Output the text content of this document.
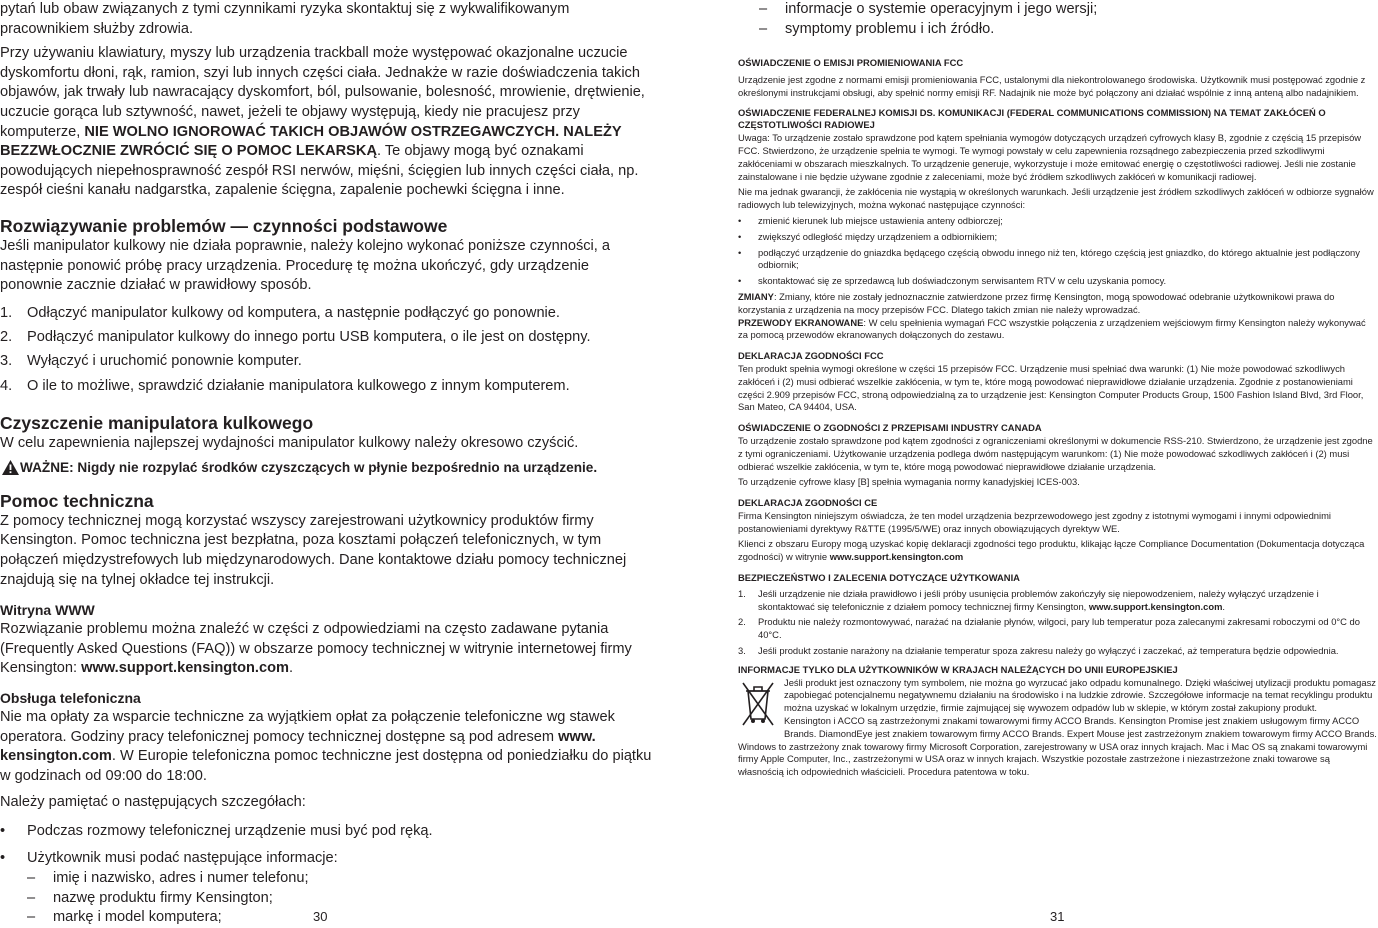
pytań lub obaw związanych z tymi czynnikami ryzyka skontaktuj się z wykwalifikowanym pracownikiem służby zdrowia.

Przy używaniu klawiatury, myszy lub urządzenia trackball może występować okazjonalne uczucie dyskomfortu dłoni, rąk, ramion, szyi lub innych części ciała. Jednakże w razie doświadczenia takich objawów, jak trwały lub nawracający dyskomfort, ból, pulsowanie, bolesność, mrowienie, drętwienie, uczucie gorąca lub sztywność, nawet, jeżeli te objawy występują, kiedy nie pracujesz przy komputerze, NIE WOLNO IGNOROWAĆ TAKICH OBJAWÓW OSTRZEGAWCZYCH. NALEŻY BEZZWŁOCZNIE ZWRÓCIĆ SIĘ O POMOC LEKARSKĄ. Te objawy mogą być oznakami powodujących niepełnosprawność zespół RSI nerwów, mięśni, ścięgien lub innych części ciała, np. zespół cieśni kanału nadgarstka, zapalenie ścięgna, zapalenie pochewki ścięgna i inne.

Rozwiązywanie problemów — czynności podstawowe

Jeśli manipulator kulkowy nie działa poprawnie, należy kolejno wykonać poniższe czynności, a następnie ponowić próbę pracy urządzenia. Procedurę tę można ukończyć, gdy urządzenie ponownie zacznie działać w prawidłowy sposób.

1. Odłączyć manipulator kulkowy od komputera, a następnie podłączyć go ponownie.
2. Podłączyć manipulator kulkowy do innego portu USB komputera, o ile jest on dostępny.
3. Wyłączyć i uruchomić ponownie komputer.
4. O ile to możliwe, sprawdzić działanie manipulatora kulkowego z innym komputerem.
Czyszczenie manipulatora kulkowego

W celu zapewnienia najlepszej wydajności manipulator kulkowy należy okresowo czyścić.

WAŻNE: Nigdy nie rozpylać środków czyszczących w płynie bezpośrednio na urządzenie.

Pomoc techniczna

Z pomocy technicznej mogą korzystać wszyscy zarejestrowani użytkownicy produktów firmy Kensington. Pomoc techniczna jest bezpłatna, poza kosztami połączeń telefonicznych, w tym połączeń międzystrefowych lub międzynarodowych. Dane kontaktowe działu pomocy technicznej znajdują się na tylnej okładce tej instrukcji.

Witryna WWW

Rozwiązanie problemu można znaleźć w części z odpowiedziami na często zadawane pytania (Frequently Asked Questions (FAQ)) w obszarze pomocy technicznej w witrynie internetowej firmy Kensington: www.support.kensington.com.

Obsługa telefoniczna

Nie ma opłaty za wsparcie techniczne za wyjątkiem opłat za połączenie telefoniczne wg stawek operatora. Godziny pracy telefonicznej pomocy technicznej dostępne są pod adresem www. kensington.com. W Europie telefoniczna pomoc techniczne jest dostępna od poniedziałku do piątku w godzinach od 09:00 do 18:00.

Należy pamiętać o następujących szczegółach:

• Podczas rozmowy telefonicznej urządzenie musi być pod ręką.
• Użytkownik musi podać następujące informacje:
– imię i nazwisko, adres i numer telefonu;
– nazwę produktu firmy Kensington;
– markę i model komputera;	30
– informacje o systemie operacyjnym i jego wersji;
– symptomy problemu i ich źródło.

OŚWIADCZENIE O EMISJI PROMIENIOWANIA FCC

Urządzenie jest zgodne z normami emisji promieniowania FCC, ustalonymi dla niekontrolowanego środowiska. Użytkownik musi postępować zgodnie z określonymi instrukcjami obsługi, aby spełnić normy emisji RF. Nadajnik nie może być połączony ani działać wspólnie z inną anteną albo nadajnikiem.

OŚWIADCZENIE FEDERALNEJ KOMISJI DS. KOMUNIKACJI (FEDERAL COMMUNICATIONS COMMISSION) NA TEMAT ZAKŁÓCEŃ O CZĘSTOTLIWOŚCI RADIOWEJ

Uwaga: To urządzenie zostało sprawdzone pod kątem spełniania wymogów dotyczących urządzeń cyfrowych klasy B, zgodnie z częścią 15 przepisów FCC. Stwierdzono, że urządzenie spełnia te wymogi. Te wymogi powstały w celu zapewnienia rozsądnego zabezpieczenia przed szkodliwymi zakłóceniami w obszarach mieszkalnych. To urządzenie generuje, wykorzystuje i może emitować energię o częstotliwości radiowej. Jeśli nie zostanie zainstalowane i nie będzie używane zgodnie z zaleceniami, może być źródłem szkodliwych zakłóceń w komunikacji radiowej.

Nie ma jednak gwarancji, że zakłócenia nie wystąpią w określonych warunkach. Jeśli urządzenie jest źródłem szkodliwych zakłóceń w odbiorze sygnałów radiowych lub telewizyjnych, można wykonać następujące czynności:

• zmienić kierunek lub miejsce ustawienia anteny odbiorczej;
• zwiększyć odległość między urządzeniem a odbiornikiem;
• podłączyć urządzenie do gniazdka będącego częścią obwodu innego niż ten, którego częścią jest gniazdko, do którego aktualnie jest podłączony odbiornik;
• skontaktować się ze sprzedawcą lub doświadczonym serwisantem RTV w celu uzyskania pomocy.

ZMIANY: Zmiany, które nie zostały jednoznacznie zatwierdzone przez firmę Kensington, mogą spowodować odebranie użytkownikowi prawa do korzystania z urządzenia na mocy przepisów FCC. Dlatego takich zmian nie należy wprowadzać.

PRZEWODY EKRANOWANE: W celu spełnienia wymagań FCC wszystkie połączenia z urządzeniem wejściowym firmy Kensington należy wykonywać za pomocą przewodów ekranowanych dołączonych do zestawu.

DEKLARACJA ZGODNOŚCI FCC

Ten produkt spełnia wymogi określone w części 15 przepisów FCC. Urządzenie musi spełniać dwa warunki: (1) Nie może powodować szkodliwych zakłóceń i (2) musi odbierać wszelkie zakłócenia, w tym te, które mogą powodować nieprawidłowe działanie urządzenia. Zgodnie z postanowieniami części 2.909 przepisów FCC, stroną odpowiedzialną za to urządzenie jest: Kensington Computer Products Group, 1500 Fashion Island Blvd, 3rd Floor, San Mateo, CA 94404, USA.

OŚWIADCZENIE O ZGODNOŚCI Z PRZEPISAMI INDUSTRY CANADA

To urządzenie zostało sprawdzone pod kątem zgodności z ograniczeniami określonymi w dokumencie RSS-210. Stwierdzono, że urządzenie jest zgodne z tymi ograniczeniami. Użytkowanie urządzenia podlega dwóm następującym warunkom: (1) Nie może powodować szkodliwych zakłóceń i (2) musi odbierać wszelkie zakłócenia, w tym te, które mogą powodować nieprawidłowe działanie urządzenia.

To urządzenie cyfrowe klasy [B] spełnia wymagania normy kanadyjskiej ICES-003.

DEKLARACJA ZGODNOŚCI CE

Firma Kensington niniejszym oświadcza, że ten model urządzenia bezprzewodowego jest zgodny z istotnymi wymogami i innymi odpowiednimi postanowieniami dyrektywy R&TTE (1995/5/WE) oraz innych obowiązujących dyrektyw WE.

Klienci z obszaru Europy mogą uzyskać kopię deklaracji zgodności tego produktu, klikając łącze Compliance Documentation (Dokumentacja dotycząca zgodności) w witrynie www.support.kensington.com

BEZPIECZEŃSTWO I ZALECENIA DOTYCZĄCE UŻYTKOWANIA

1. Jeśli urządzenie nie działa prawidłowo i jeśli próby usunięcia problemów zakończyły się niepowodzeniem, należy wyłączyć urządzenie i skontaktować się telefonicznie z działem pomocy technicznej firmy Kensington, www.support.kensington.com.
2. Produktu nie należy rozmontowywać, narażać na działanie płynów, wilgoci, pary lub temperatur poza zalecanymi zakresami roboczymi od 0°C do 40°C.
3. Jeśli produkt zostanie narażony na działanie temperatur spoza zakresu należy go wyłączyć i zaczekać, aż temperatura będzie odpowiednia.

INFORMACJE TYLKO DLA UŻYTKOWNIKÓW W KRAJACH NALEŻĄCYCH DO UNII EUROPEJSKIEJ

Jeśli produkt jest oznaczony tym symbolem, nie można go wyrzucać jako odpadu komunalnego. Dzięki właściwej utylizacji produktu pomagasz zapobiegać potencjalnemu negatywnemu działaniu na środowisko i na ludzkie zdrowie. Szczegółowe informacje na temat recyklingu produktu można uzyskać w lokalnym urzędzie, firmie zajmującej się wywozem odpadów lub w sklepie, w którym został zakupiony produkt.

Kensington i ACCO są zastrzeżonymi znakami towarowymi firmy ACCO Brands. Kensington Promise jest znakiem usługowym firmy ACCO Brands. DiamondEye jest znakiem towarowym firmy ACCO Brands. Expert Mouse jest zastrzeżonym znakiem towarowym firmy ACCO Brands. Windows to zastrzeżony znak towarowy firmy Microsoft Corporation, zarejestrowany w USA oraz innych krajach. Mac i Mac OS są znakami towarowymi firmy Apple Computer, Inc., zastrzeżonymi w USA oraz w innych krajach. Wszystkie pozostałe zastrzeżone i niezastrzeżone znaki towarowe są własnością ich odpowiednich właścicieli. Procedura patentowa w toku.

31
